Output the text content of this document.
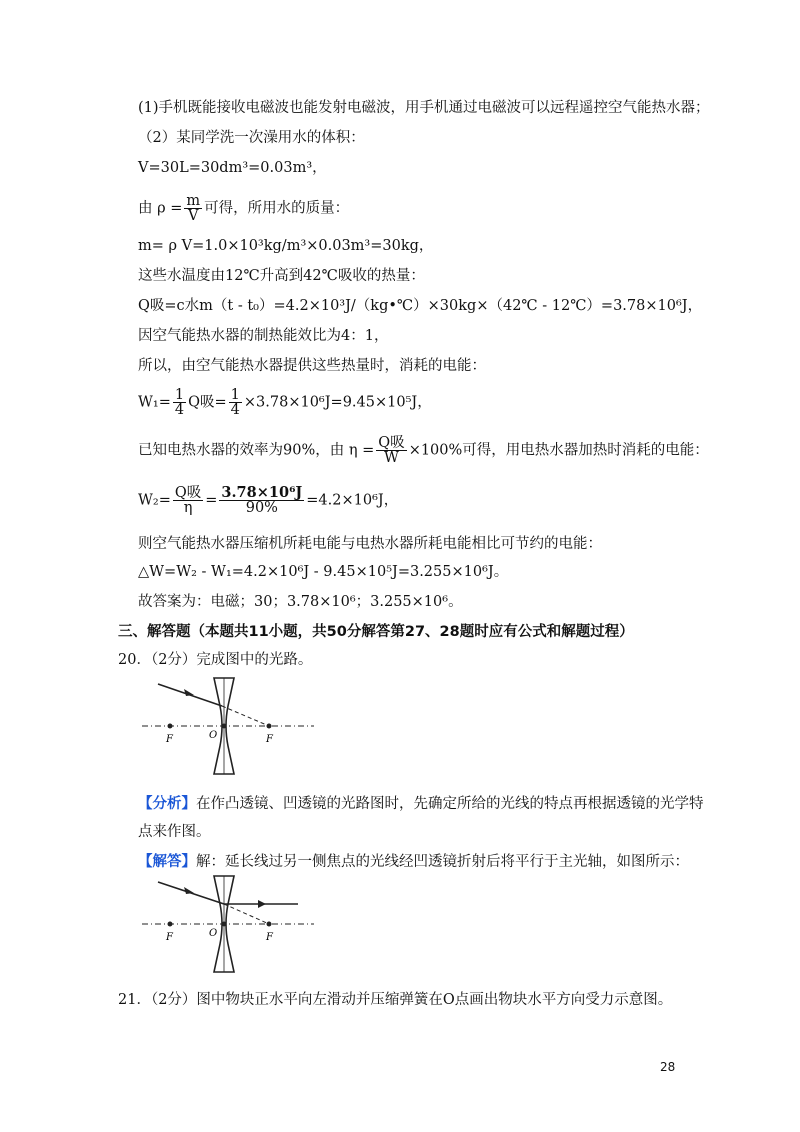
(1)手机既能接收电磁波也能发射电磁波，用手机通过电磁波可以远程遥控空气能热水器；
（2）某同学洗一次澡用水的体积：
V=30L=30dm³=0.03m³，
由 $\rho = \frac{m}{V}$ 可得，所用水的质量：
m= ρ V=1.0×10³kg/m³×0.03m³=30kg，
这些水温度由12℃升高到42℃吸收的热量：
Q吸=c水m（t - t₀）=4.2×10³J/（kg•℃）×30kg×（42℃ - 12℃）=3.78×10⁶J，
因空气能热水器的制热能效比为4：1，
所以，由空气能热水器提供这些热量时，消耗的电能：
$W_1= \frac{1}{4}$ Q吸= $\frac{1}{4} \times 3.78\times 10^6J=9.45\times 10^5J$，
已知电热水器的效率为90%，由 $\eta = \frac{\text{Q吸}}{W} \times 100\%$可得，用电热水器加热时消耗的电能：
$W_2= \frac{\text{Q吸}}{\eta} = \frac{\text{3.78×10⁶J}}{90\%} =4.2\times 10^6J$，
则空气能热水器压缩机所耗电能与电热水器所耗电能相比可节约的电能：
△W=W₂ - W₁=4.2×10⁶J - 9.45×10⁵J=3.255×10⁶J。
故答案为：电磁；30；3.78×10⁶；3.255×10⁶。
三、解答题（本题共11小题，共50分解答第27、28题时应有公式和解题过程）
20．（2分）完成图中的光路。
F	O	F
【分析】在作凸透镜、凹透镜的光路图时，先确定所给的光线的特点再根据透镜的光学特
点来作图。
【解答】解：延长线过另一侧焦点的光线经凹透镜折射后将平行于主光轴，如图所示：
F	O	F
21．（2分）图中物块正水平向左滑动并压缩弹簧在O点画出物块水平方向受力示意图。
28
